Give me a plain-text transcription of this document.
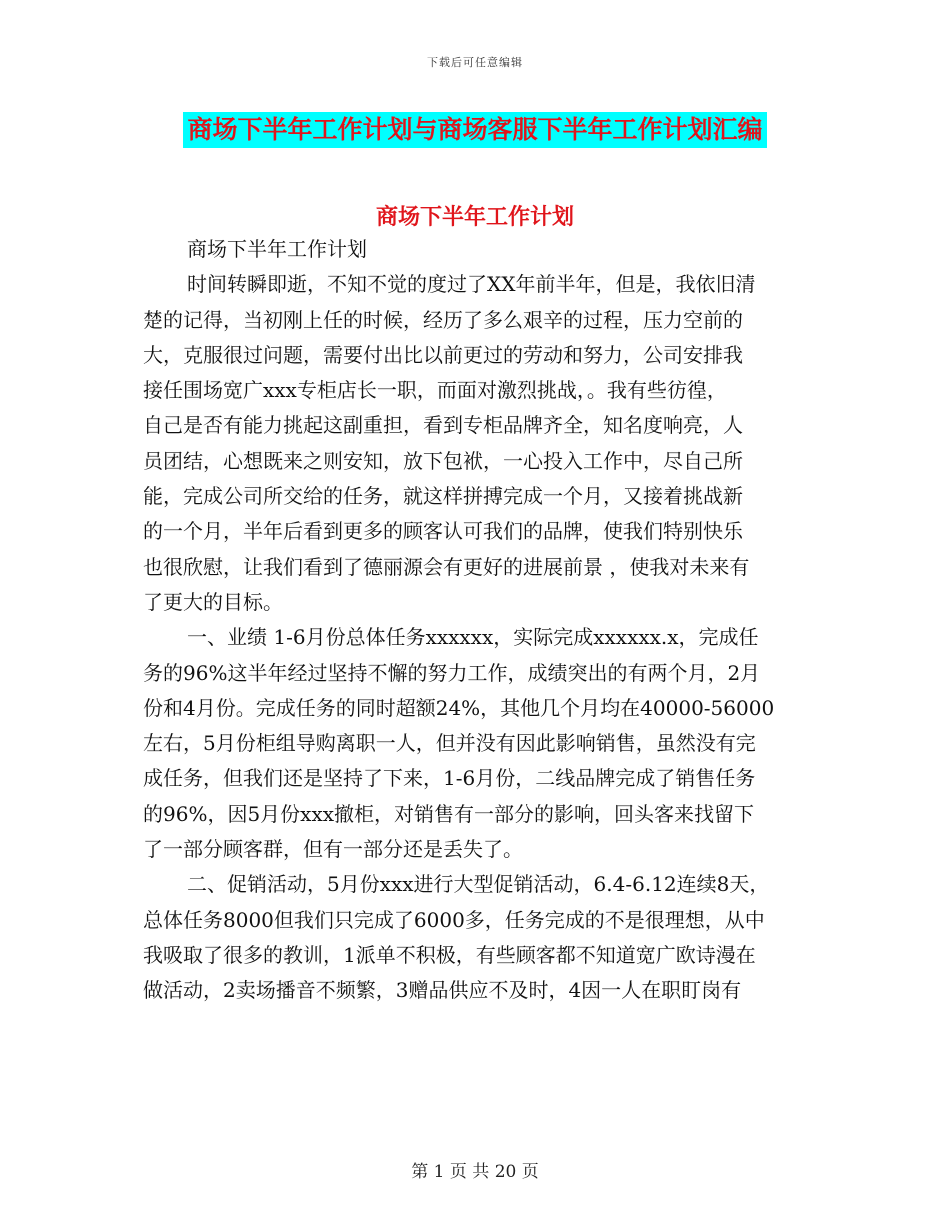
下载后可任意编辑
商场下半年工作计划与商场客服下半年工作计划汇编
商场下半年工作计划
商场下半年工作计划
时间转瞬即逝，不知不觉的度过了XX年前半年，但是，我依旧清
楚的记得，当初刚上任的时候，经历了多么艰辛的过程，压力空前的
大，克服很过问题，需要付出比以前更过的劳动和努力，公司安排我
接任围场宽广xxx专柜店长一职，而面对激烈挑战，。我有些彷徨，
自己是否有能力挑起这副重担，看到专柜品牌齐全，知名度响亮，人
员团结，心想既来之则安知，放下包袱，一心投入工作中，尽自己所
能，完成公司所交给的任务，就这样拼搏完成一个月，又接着挑战新
的一个月，半年后看到更多的顾客认可我们的品牌，使我们特别快乐
也很欣慰，让我们看到了德丽源会有更好的进展前景 ，使我对未来有
了更大的目标。
一、业绩 1-6月份总体任务xxxxxx，实际完成xxxxxx.x，完成任
务的96%这半年经过坚持不懈的努力工作，成绩突出的有两个月，2月
份和4月份。完成任务的同时超额24%，其他几个月均在40000-56000
左右，5月份柜组导购离职一人，但并没有因此影响销售，虽然没有完
成任务，但我们还是坚持了下来，1-6月份，二线品牌完成了销售任务
的96%，因5月份xxx撤柜，对销售有一部分的影响，回头客来找留下
了一部分顾客群，但有一部分还是丢失了。
二、促销活动，5月份xxx进行大型促销活动，6.4-6.12连续8天，
总体任务8000但我们只完成了6000多，任务完成的不是很理想，从中
我吸取了很多的教训，1派单不积极，有些顾客都不知道宽广欧诗漫在
做活动，2卖场播音不频繁，3赠品供应不及时，4因一人在职盯岗有
第 1 页 共 20 页
